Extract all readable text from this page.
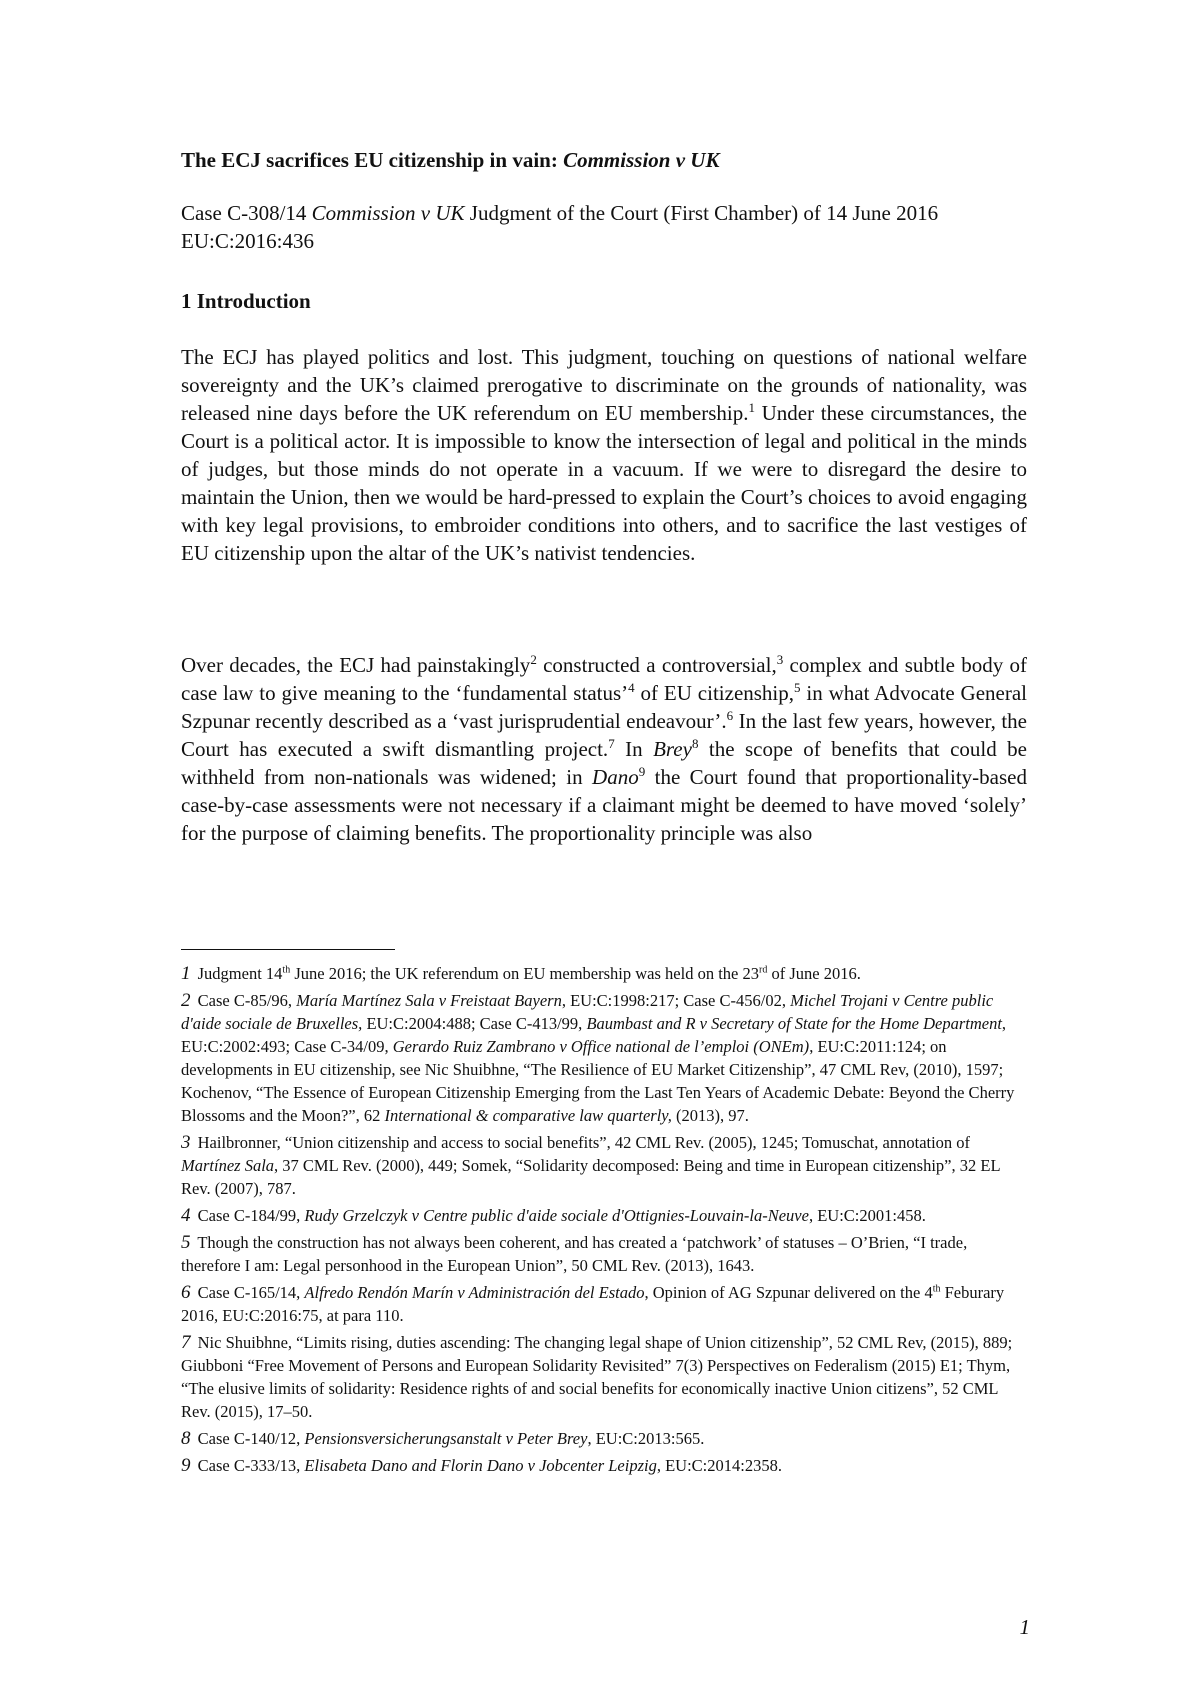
The ECJ sacrifices EU citizenship in vain: Commission v UK

Case C-308/14 Commission v UK Judgment of the Court (First Chamber) of 14 June 2016 EU:C:2016:436

1 Introduction

The ECJ has played politics and lost. This judgment, touching on questions of national welfare sovereignty and the UK’s claimed prerogative to discriminate on the grounds of nationality, was released nine days before the UK referendum on EU membership.$^1$ Under these circumstances, the Court is a political actor. It is impossible to know the intersection of legal and political in the minds of judges, but those minds do not operate in a vacuum. If we were to disregard the desire to maintain the Union, then we would be hard-pressed to explain the Court’s choices to avoid engaging with key legal provisions, to embroider conditions into others, and to sacrifice the last vestiges of EU citizenship upon the altar of the UK’s nativist tendencies.

Over decades, the ECJ had painstakingly$^2$ constructed a controversial,$^3$ complex and subtle body of case law to give meaning to the ‘fundamental status’$^4$ of EU citizenship,$^5$ in what Advocate General Szpunar recently described as a ‘vast jurisprudential endeavour’.$^6$ In the last few years, however, the Court has executed a swift dismantling project.$^7$ In Brey$^8$ the scope of benefits that could be withheld from non-nationals was widened; in Dano$^9$ the Court found that proportionality-based case-by-case assessments were not necessary if a claimant might be deemed to have moved ‘solely’ for the purpose of claiming benefits. The proportionality principle was also

1 Judgment 14th June 2016; the UK referendum on EU membership was held on the 23rd of June 2016.

2 Case C-85/96, María Martínez Sala v Freistaat Bayern, EU:C:1998:217; Case C-456/02, Michel Trojani v Centre public d'aide sociale de Bruxelles, EU:C:2004:488; Case C-413/99, Baumbast and R v Secretary of State for the Home Department, EU:C:2002:493; Case C-34/09, Gerardo Ruiz Zambrano v Office national de l’emploi (ONEm), EU:C:2011:124; on developments in EU citizenship, see Nic Shuibhne, “The Resilience of EU Market Citizenship”, 47 CML Rev, (2010), 1597; Kochenov, “The Essence of European Citizenship Emerging from the Last Ten Years of Academic Debate: Beyond the Cherry Blossoms and the Moon?”, 62 International & comparative law quarterly, (2013), 97.

3 Hailbronner, “Union citizenship and access to social benefits”, 42 CML Rev. (2005), 1245; Tomuschat, annotation of Martínez Sala, 37 CML Rev. (2000), 449; Somek, “Solidarity decomposed: Being and time in European citizenship”, 32 EL Rev. (2007), 787.

4 Case C-184/99, Rudy Grzelczyk v Centre public d'aide sociale d'Ottignies-Louvain-la-Neuve, EU:C:2001:458.

5 Though the construction has not always been coherent, and has created a ‘patchwork’ of statuses – O’Brien, “I trade, therefore I am: Legal personhood in the European Union”, 50 CML Rev. (2013), 1643.

6 Case C-165/14, Alfredo Rendón Marín v Administración del Estado, Opinion of AG Szpunar delivered on the 4th Feburary 2016, EU:C:2016:75, at para 110.

7 Nic Shuibhne, “Limits rising, duties ascending: The changing legal shape of Union citizenship”, 52 CML Rev, (2015), 889; Giubboni “Free Movement of Persons and European Solidarity Revisited” 7(3) Perspectives on Federalism (2015) E1; Thym, “The elusive limits of solidarity: Residence rights of and social benefits for economically inactive Union citizens”, 52 CML Rev. (2015), 17–50.

8 Case C-140/12, Pensionsversicherungsanstalt v Peter Brey, EU:C:2013:565.

9 Case C-333/13, Elisabeta Dano and Florin Dano v Jobcenter Leipzig, EU:C:2014:2358.

1
